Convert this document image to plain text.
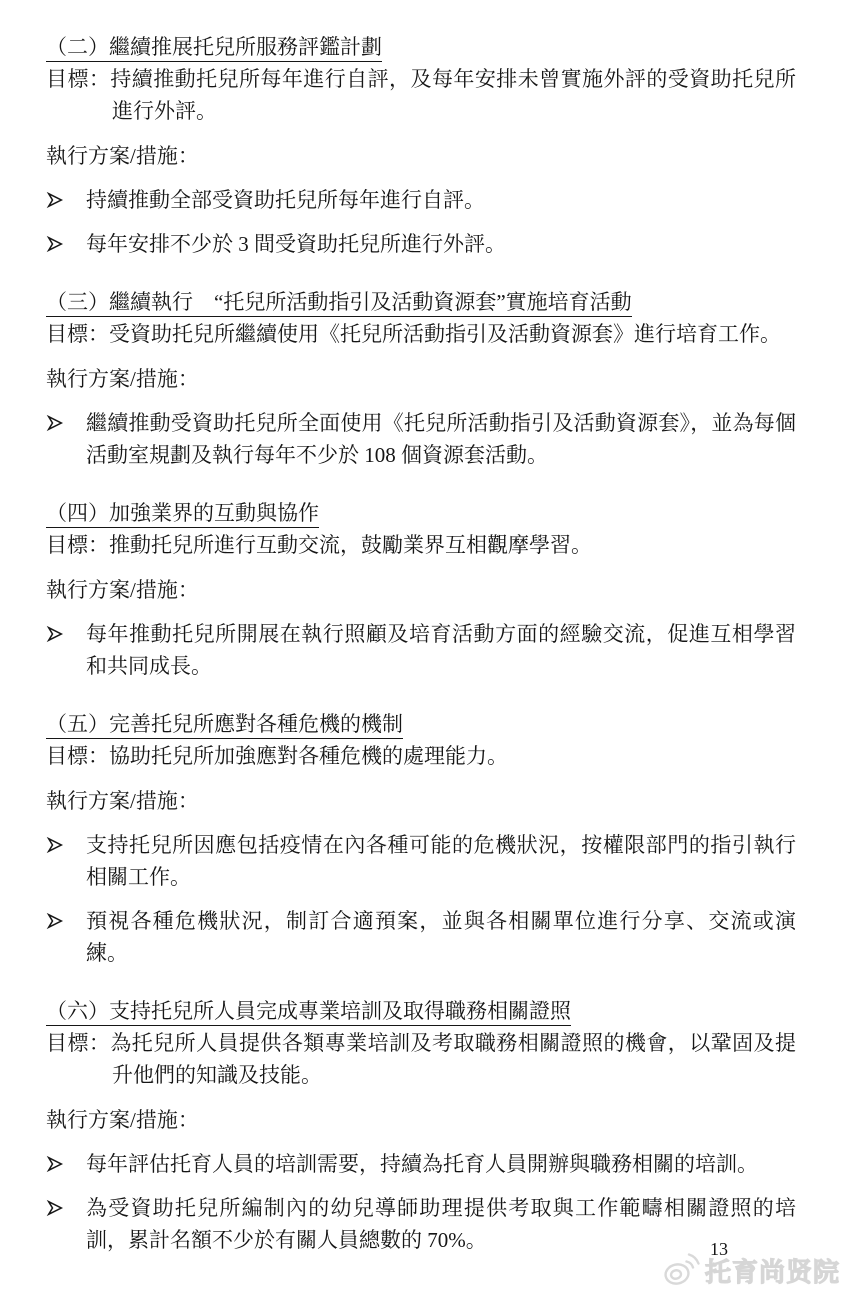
（二）繼續推展托兒所服務評鑑計劃

目標：持續推動托兒所每年進行自評，及每年安排未曾實施外評的受資助托兒所進行外評。

執行方案/措施：

持續推動全部受資助托兒所每年進行自評。
每年安排不少於 3 間受資助托兒所進行外評。
（三）繼續執行　“托兒所活動指引及活動資源套”實施培育活動

目標：受資助托兒所繼續使用《托兒所活動指引及活動資源套》進行培育工作。

執行方案/措施：

繼續推動受資助托兒所全面使用《托兒所活動指引及活動資源套》，並為每個活動室規劃及執行每年不少於 108 個資源套活動。
（四）加強業界的互動與協作

目標：推動托兒所進行互動交流，鼓勵業界互相觀摩學習。

執行方案/措施：

每年推動托兒所開展在執行照顧及培育活動方面的經驗交流，促進互相學習和共同成長。
（五）完善托兒所應對各種危機的機制

目標：協助托兒所加強應對各種危機的處理能力。

執行方案/措施：

支持托兒所因應包括疫情在內各種可能的危機狀況，按權限部門的指引執行相關工作。
預視各種危機狀況，制訂合適預案，並與各相關單位進行分享、交流或演練。
（六）支持托兒所人員完成專業培訓及取得職務相關證照

目標：為托兒所人員提供各類專業培訓及考取職務相關證照的機會，以鞏固及提升他們的知識及技能。

執行方案/措施：

每年評估托育人員的培訓需要，持續為托育人員開辦與職務相關的培訓。
為受資助托兒所編制內的幼兒導師助理提供考取與工作範疇相關證照的培訓，累計名額不少於有關人員總數的 70%。	13
托育尚贤院
